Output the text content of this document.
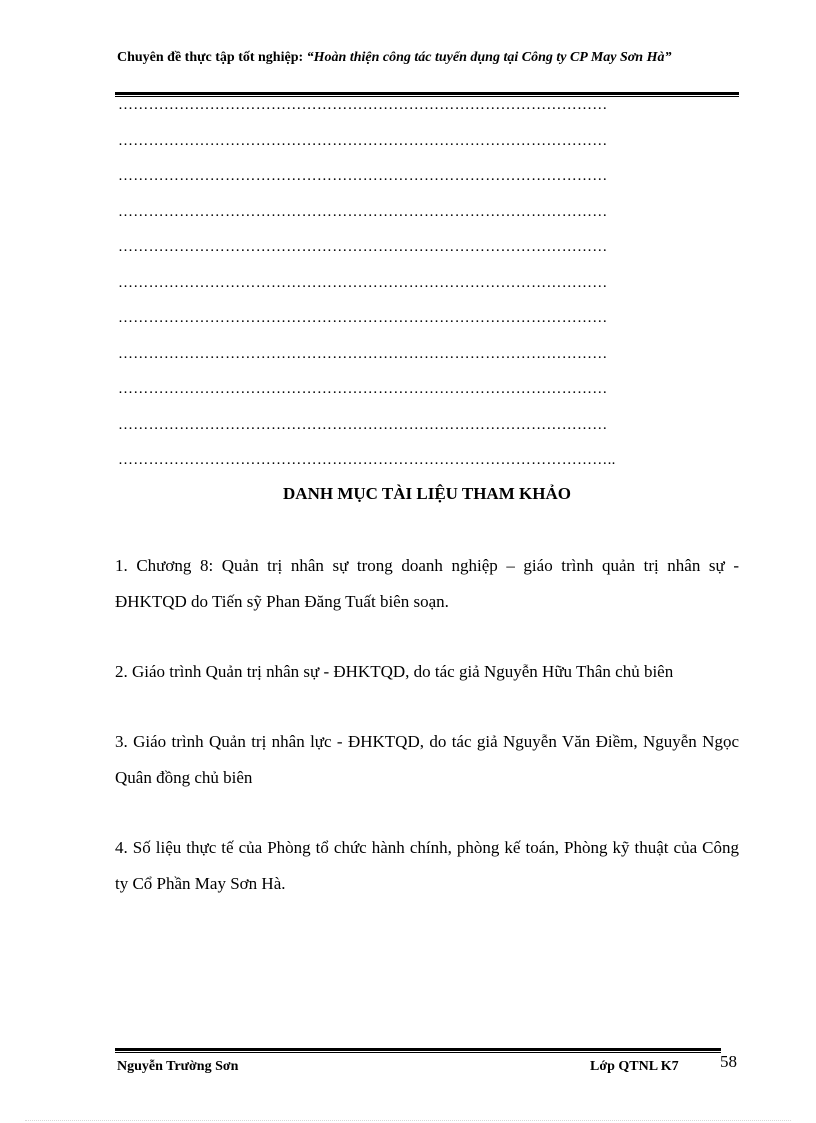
Chuyên đề thực tập tốt nghiệp: “Hoàn thiện công tác tuyển dụng tại Công ty CP May Sơn Hà”
……………………………………………………………………………………
……………………………………………………………………………………
……………………………………………………………………………………
……………………………………………………………………………………
……………………………………………………………………………………
……………………………………………………………………………………
……………………………………………………………………………………
……………………………………………………………………………………
……………………………………………………………………………………
……………………………………………………………………………………
……………………………………………………………………………………..
DANH MỤC TÀI LIỆU THAM KHẢO
1. Chương 8: Quản trị nhân sự trong doanh nghiệp – giáo trình quản trị nhân sự - ĐHKTQD do Tiến sỹ Phan Đăng Tuất biên soạn.
2. Giáo trình Quản trị nhân sự - ĐHKTQD, do tác giả Nguyễn Hữu Thân chủ biên
3. Giáo trình Quản trị nhân lực - ĐHKTQD, do tác giả Nguyễn Văn Điềm, Nguyễn Ngọc Quân đồng chủ biên
4. Số liệu thực tế của Phòng tổ chức hành chính, phòng kế toán, Phòng kỹ thuật của Công ty Cổ Phần May Sơn Hà.
Nguyễn Trường Sơn	Lớp QTNL K7 58
